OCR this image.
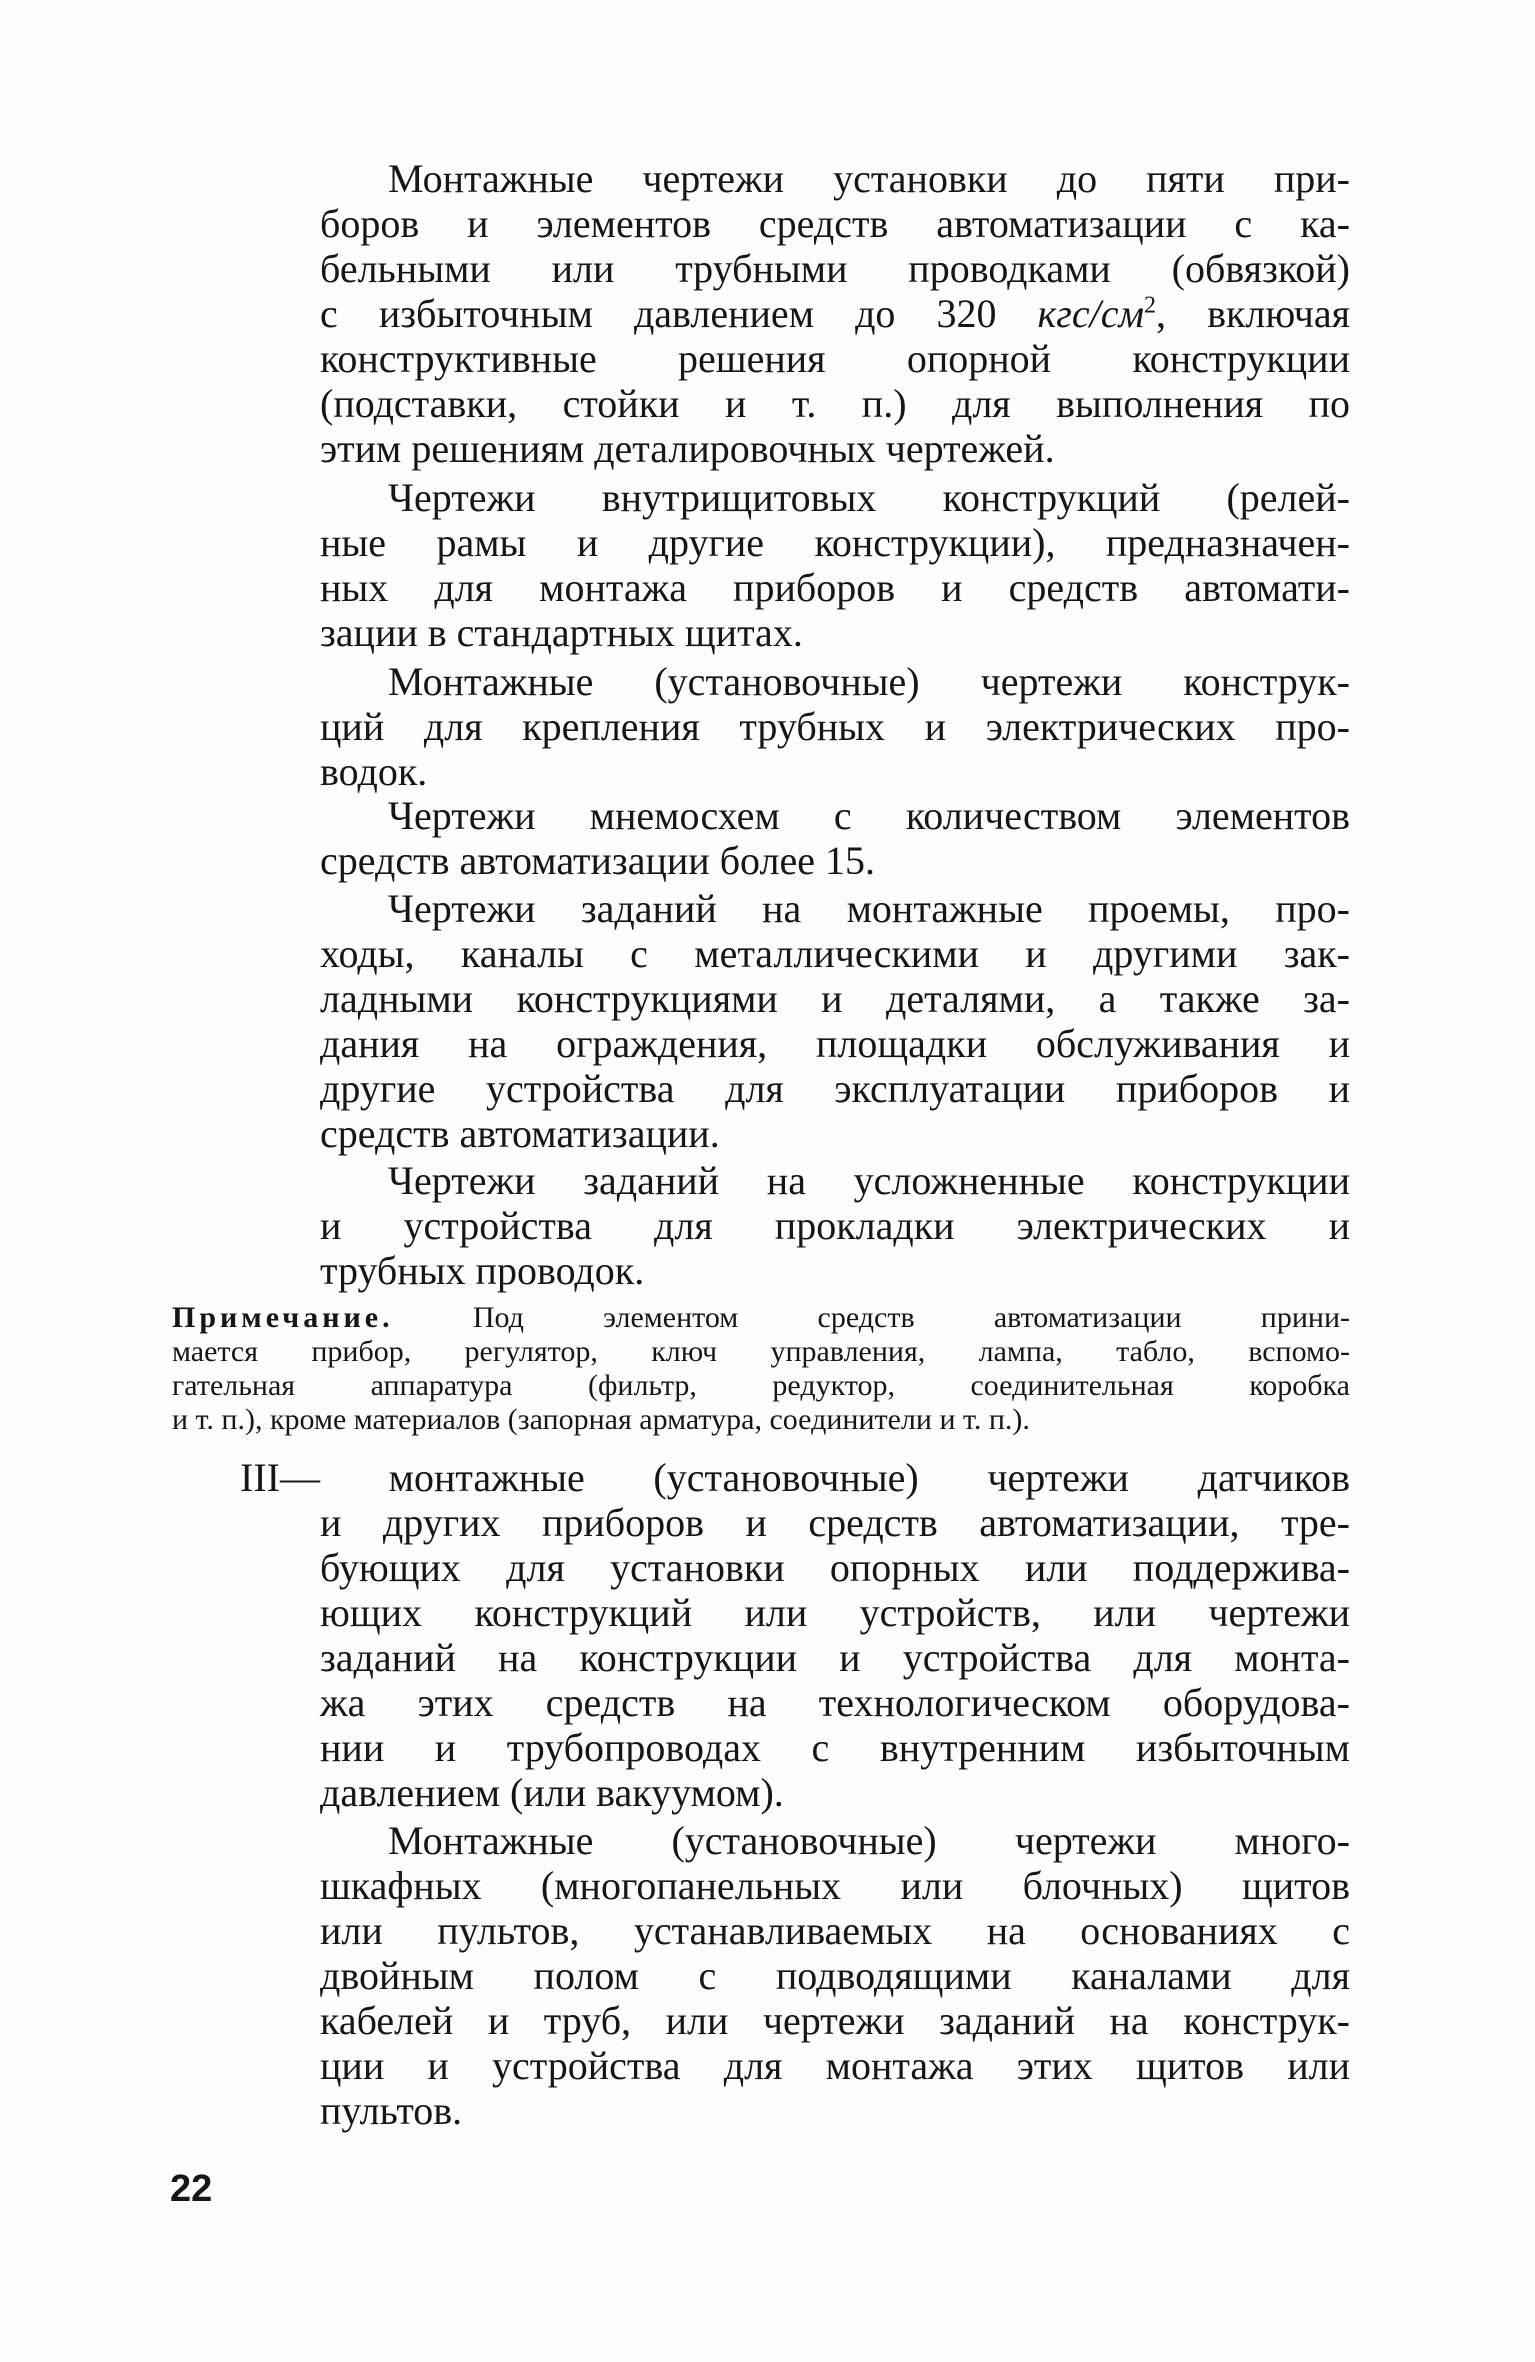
Монтажные чертежи установки до пяти при-
боров и элементов средств автоматизации с ка-
бельными или трубными проводками (обвязкой)
с избыточным давлением до 320 кгс/$см^2$, включая
конструктивные решения опорной конструкции
(подставки, стойки и т. п.) для выполнения по
этим решениям деталировочных чертежей.
Чертежи внутрищитовых конструкций (релей-
ные рамы и другие конструкции), предназначен-
ных для монтажа приборов и средств автомати-
зации в стандартных щитах.
Монтажные (установочные) чертежи конструк-
ций для крепления трубных и электрических про-
водок.
Чертежи мнемосхем с количеством элементов
средств автоматизации более 15.
Чертежи заданий на монтажные проемы, про-
ходы, каналы с металлическими и другими зак-
ладными конструкциями и деталями, а также за-
дания на ограждения, площадки обслуживания и
другие устройства для эксплуатации приборов и
средств автоматизации.
Чертежи заданий на усложненные конструкции
и устройства для прокладки электрических и
трубных проводок.
Примечание.	Под элементом средств автоматизации прини-
мается прибор, регулятор, ключ управления, лампа, табло, вспомо-
гательная аппаратура (фильтр, редуктор, соединительная коробка
и т. п.), кроме материалов (запорная арматура, соединители и т. п.).
III— монтажные (установочные) чертежи датчиков
и других приборов и средств автоматизации, тре-
бующих для установки опорных или поддержива-
ющих конструкций или устройств, или чертежи
заданий на конструкции и устройства для монта-
жа этих средств на технологическом оборудова-
нии и трубопроводах с внутренним избыточным
давлением (или вакуумом).
Монтажные (установочные) чертежи много-
шкафных (многопанельных или блочных) щитов
или пультов, устанавливаемых на основаниях с
двойным полом с подводящими каналами для
кабелей и труб, или чертежи заданий на конструк-
ции и устройства для монтажа этих щитов или
пультов.
22
